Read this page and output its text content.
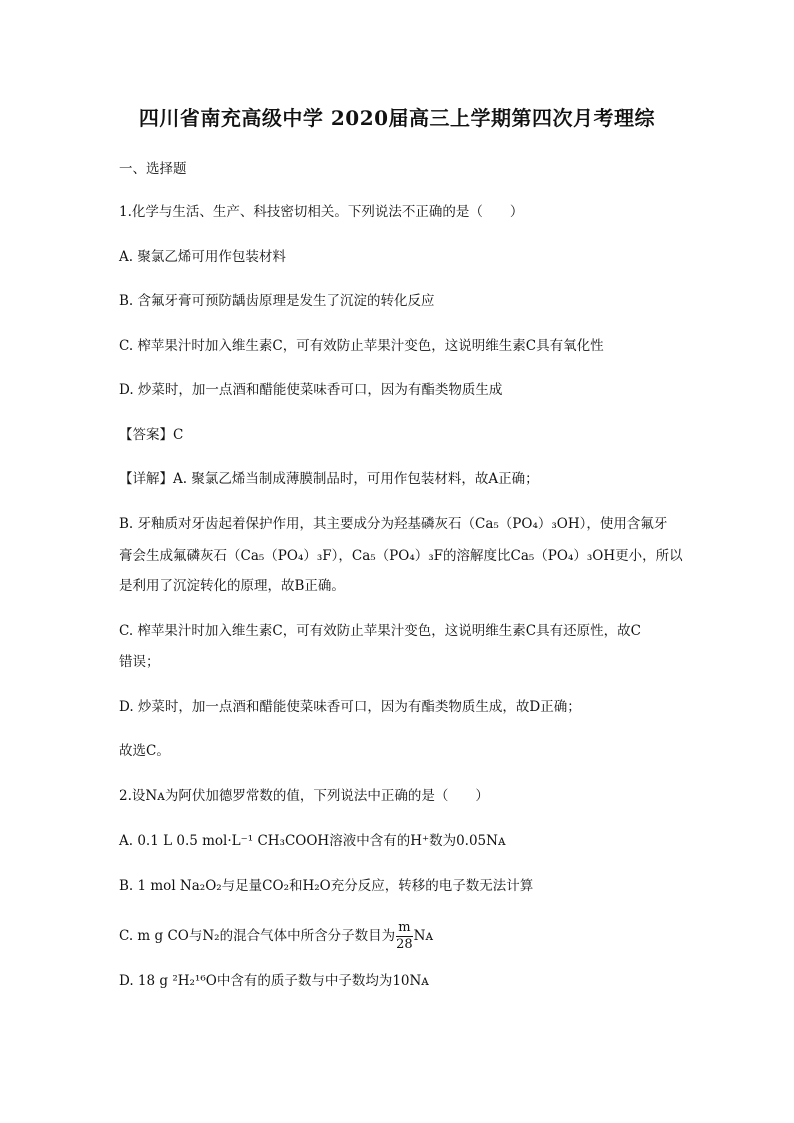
四川省南充高级中学 2020届高三上学期第四次月考理综

一、选择题

1.化学与生活、生产、科技密切相关。下列说法不正确的是（　　）

A. 聚氯乙烯可用作包装材料

B. 含氟牙膏可预防龋齿原理是发生了沉淀的转化反应

C. 榨苹果汁时加入维生素C，可有效防止苹果汁变色，这说明维生素C具有氧化性

D. 炒菜时，加一点酒和醋能使菜味香可口，因为有酯类物质生成

【答案】C

【详解】A. 聚氯乙烯当制成薄膜制品时，可用作包装材料，故A正确；

B. 牙釉质对牙齿起着保护作用，其主要成分为羟基磷灰石（Ca₅（PO₄）₃OH），使用含氟牙

膏会生成氟磷灰石（Ca₅（PO₄）₃F），Ca₅（PO₄）₃F的溶解度比Ca₅（PO₄）₃OH更小，所以

是利用了沉淀转化的原理，故B正确。

C. 榨苹果汁时加入维生素C，可有效防止苹果汁变色，这说明维生素C具有还原性，故C

错误；

D. 炒菜时，加一点酒和醋能使菜味香可口，因为有酯类物质生成，故D正确；

故选C。

2.设Nᴀ为阿伏加德罗常数的值，下列说法中正确的是（　　）

A. 0.1 L 0.5 mol·L⁻¹ CH₃COOH溶液中含有的H⁺数为0.05Nᴀ

B. 1 mol Na₂O₂与足量CO₂和H₂O充分反应，转移的电子数无法计算

C. m g CO与N₂的混合气体中所含分子数目为 $\frac{m}{28}$ Nᴀ

D. 18 g ²H₂¹⁶O中含有的质子数与中子数均为10Nᴀ
